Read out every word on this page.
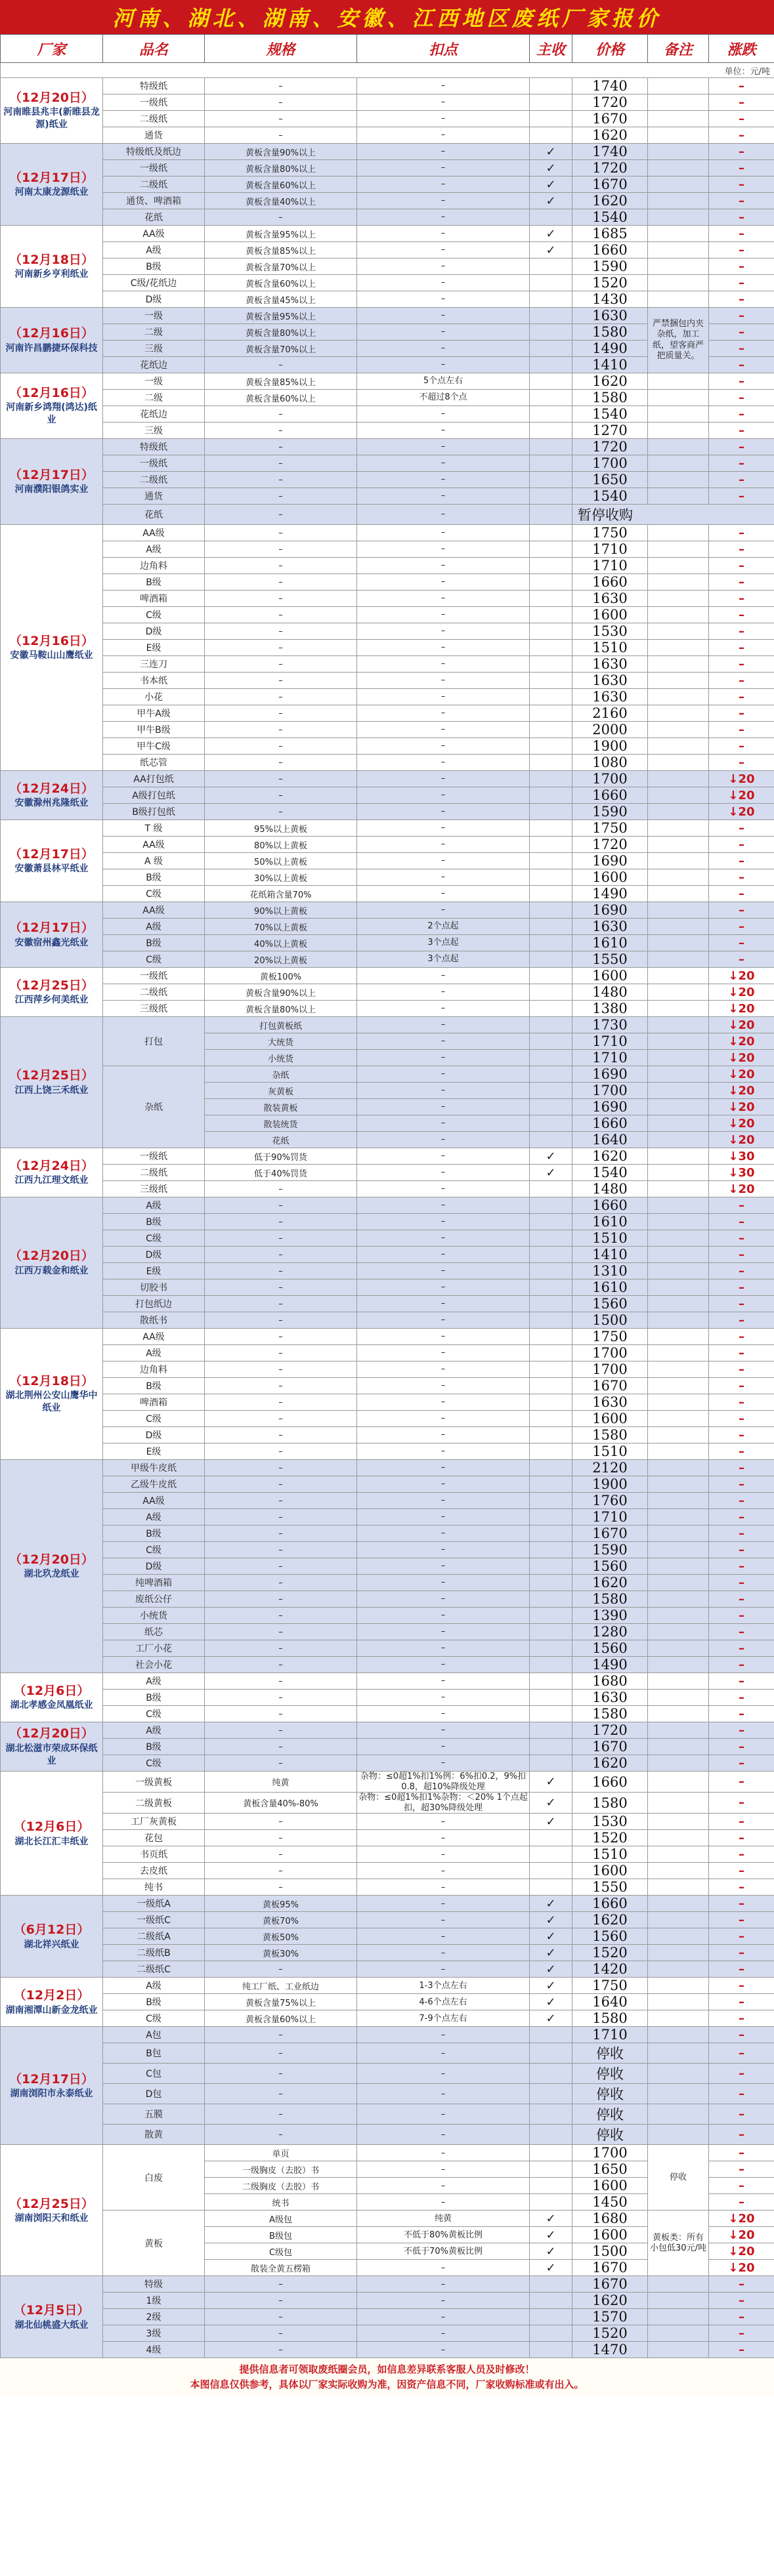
河南、湖北、湖南、安徽、江西地区废纸厂家报价
厂家	品名	规格	扣点	主收	价格	备注	涨跌
单位：元/吨							

（12月20日）
河南睢县兆丰(新睢县龙源)纸业	特级纸	–	–		1740		–
	一级纸	–	–		1720		–
	二级纸	–	–		1670		–
	通货	–	–		1620		–

（12月17日）
河南太康龙源纸业	特级纸及纸边	黄板含量90%以上	–	✓	1740		–
	一级纸	黄板含量80%以上	–	✓	1720		–
	二级纸	黄板含量60%以上	–	✓	1670		–
	通货、啤酒箱	黄板含量40%以上	–	✓	1620		–
	花纸	–	–		1540		–

（12月18日）
河南新乡亨利纸业	AA级	黄板含量95%以上	–	✓	1685		–
	A级	黄板含量85%以上	–	✓	1660		–
	B级	黄板含量70%以上	–		1590		–
	C级/花纸边	黄板含量60%以上	–		1520		–
	D级	黄板含量45%以上	–		1430		–

（12月16日）
河南许昌鹏捷环保科技	一级	黄板含量95%以上	–		1630	严禁捆包内夹杂纸，加工纸，望客商严把质量关。	–
	二级	黄板含量80%以上	–		1580		–
	三级	黄板含量70%以上	–		1490		–
	花纸边	–	–		1410		–

（12月16日）
河南新乡鸿翔(鸿达)纸业	一级	黄板含量85%以上	5个点左右		1620		–
	二级	黄板含量60%以上	不超过8个点		1580		–
	花纸边	–	–		1540		–
	三级	–	–		1270		–

（12月17日）
河南濮阳银鸽实业	特级纸	–	–		1720		–
	一级纸	–	–		1700		–
	二级纸	–	–		1650		–
	通货	–	–		1540		–
	花纸	–	–		暂停收购		

（12月16日）
安徽马鞍山山鹰纸业	AA级	–	–		1750		–
	A级	–	–		1710		–
	边角料	–	–		1710		–
	B级	–	–		1660		–
	啤酒箱	–	–		1630		–
	C级	–	–		1600		–
	D级	–	–		1530		–
	E级	–	–		1510		–
	三连刀	–	–		1630		–
	书本纸	–	–		1630		–
	小花	–	–		1630		–
	甲牛A级	–	–		2160		–
	甲牛B级	–	–		2000		–
	甲牛C级	–	–		1900		–
	纸芯管	–	–		1080		–

（12月24日）
安徽滁州兆隆纸业	AA打包纸	–	–		1700		↓20
	A级打包纸	–	–		1660		↓20
	B级打包纸	–	–		1590		↓20

（12月17日）
安徽萧县林平纸业	T 级	95%以上黄板	–		1750		–
	AA级	80%以上黄板	–		1720		–
	A 级	50%以上黄板	–		1690		–
	B级	30%以上黄板	–		1600		–
	C级	花纸箱含量70%	–		1490		–

（12月17日）
安徽宿州鑫光纸业	AA级	90%以上黄板	–		1690		–
	A级	70%以上黄板	2个点起		1630		–
	B级	40%以上黄板	3个点起		1610		–
	C级	20%以上黄板	3个点起		1550		–

（12月25日）
江西萍乡何美纸业	一级纸	黄板100%	–		1600		↓20
	二级纸	黄板含量90%以上	–		1480		↓20
	三级纸	黄板含量80%以上	–		1380		↓20

（12月25日）
江西上饶三禾纸业	打包	打包黄板纸	–		1730		↓20
		大统货	–		1710		↓20
		小统货	–		1710		↓20
	杂纸	杂纸	–		1690		↓20
		灰黄板	–		1700		↓20
		散装黄板	–		1690		↓20
		散装统货	–		1660		↓20
		花纸	–		1640		↓20

（12月24日）
江西九江理文纸业	一级纸	低于90%罚货	–	✓	1620		↓30
	二级纸	低于40%罚货	–	✓	1540		↓30
	三级纸	–	–		1480		↓20

（12月20日）
江西万载金和纸业	A级	–	–		1660		–
	B级	–	–		1610		–
	C级	–	–		1510		–
	D级	–	–		1410		–
	E级	–	–		1310		–
	切胶书	–	–		1610		–
	打包纸边	–	–		1560		–
	散纸书	–	–		1500		–

（12月18日）
湖北荆州公安山鹰华中纸业	AA级	–	–		1750		–
	A级	–	–		1700		–
	边角料	–	–		1700		–
	B级	–	–		1670		–
	啤酒箱	–	–		1630		–
	C级	–	–		1600		–
	D级	–	–		1580		–
	E级	–	–		1510		–

（12月20日）
湖北玖龙纸业	甲级牛皮纸	–	–		2120		–
	乙级牛皮纸	–	–		1900		–
	AA级	–	–		1760		–
	A级	–	–		1710		–
	B级	–	–		1670		–
	C级	–	–		1590		–
	D级	–	–		1560		–
	纯啤酒箱	–	–		1620		–
	废纸公仔	–	–		1580		–
	小统货	–	–		1390		–
	纸芯	–	–		1280		–
	工厂小花	–	–		1560		–
	社会小花	–	–		1490		–

（12月6日）
湖北孝感金凤凰纸业	A级	–	–		1680		–
	B级	–	–		1630		–
	C级	–	–		1580		–

（12月20日）
湖北松滋市荣成环保纸业	A级	–	–		1720		–
	B级	–	–		1670		–
	C级	–	–		1620		–

（12月6日）
湖北长江汇丰纸业	一级黄板	纯黄	杂物：≤0超1%扣1%例：6%扣0.2，9%扣0.8，超10%降级处理	✓	1660		–
	二级黄板	黄板含量40%-80%	杂物：≤0超1%扣1%杂物：＜20% 1个点起扣，超30%降级处理	✓	1580		–
	工厂灰黄板	–	–	✓	1530		–
	花包	–	–		1520		–
	书页纸	–	–		1510		–
	去皮纸	–	–		1600		–
	纯书	–	–		1550		–

（6月12日）
湖北祥兴纸业	一级纸A	黄板95%	–	✓	1660		–
	一级纸C	黄板70%	–	✓	1620		–
	二级纸A	黄板50%	–	✓	1560		–
	二级纸B	黄板30%	–	✓	1520		–
	二级纸C	–	–	✓	1420		–

（12月2日）
湖南湘潭山新金龙纸业	A级	纯工厂纸、工业纸边	1-3个点左右	✓	1750		–
	B级	黄板含量75%以上	4-6个点左右	✓	1640		–
	C级	黄板含量60%以上	7-9个点左右	✓	1580		–

（12月17日）
湖南浏阳市永泰纸业	A包	–	–		1710		–
	B包	–	–		停收		–
	C包	–	–		停收		–
	D包	–	–		停收		–
	五膜	–	–		停收		–
	散黄	–	–		停收		–

（12月25日）
湖南浏阳天和纸业	白废	单页	–		1700	停收	–
		一级胸皮（去胶）书	–		1650		–
		二级胸皮（去胶）书	–		1600		–
		统书	–		1450		–
	黄板	A级包	纯黄	✓	1680	黄板类：所有小包低30元/吨	↓20
		B级包	不低于80%黄板比例	✓	1600		↓20
		C级包	不低于70%黄板比例	✓	1500		↓20
		散装全黄五楞箱	–	✓	1670		↓20

（12月5日）
湖北仙桃盛大纸业	特级	–	–		1670		–
	1级	–	–		1620		–
	2级	–	–		1570		–
	3级	–	–		1520		–
	4级	–	–		1470		–
提供信息者可领取废纸圈会员，如信息差异联系客服人员及时修改！
本图信息仅供参考，具体以厂家实际收购为准，因资产信息不同，厂家收购标准或有出入。
